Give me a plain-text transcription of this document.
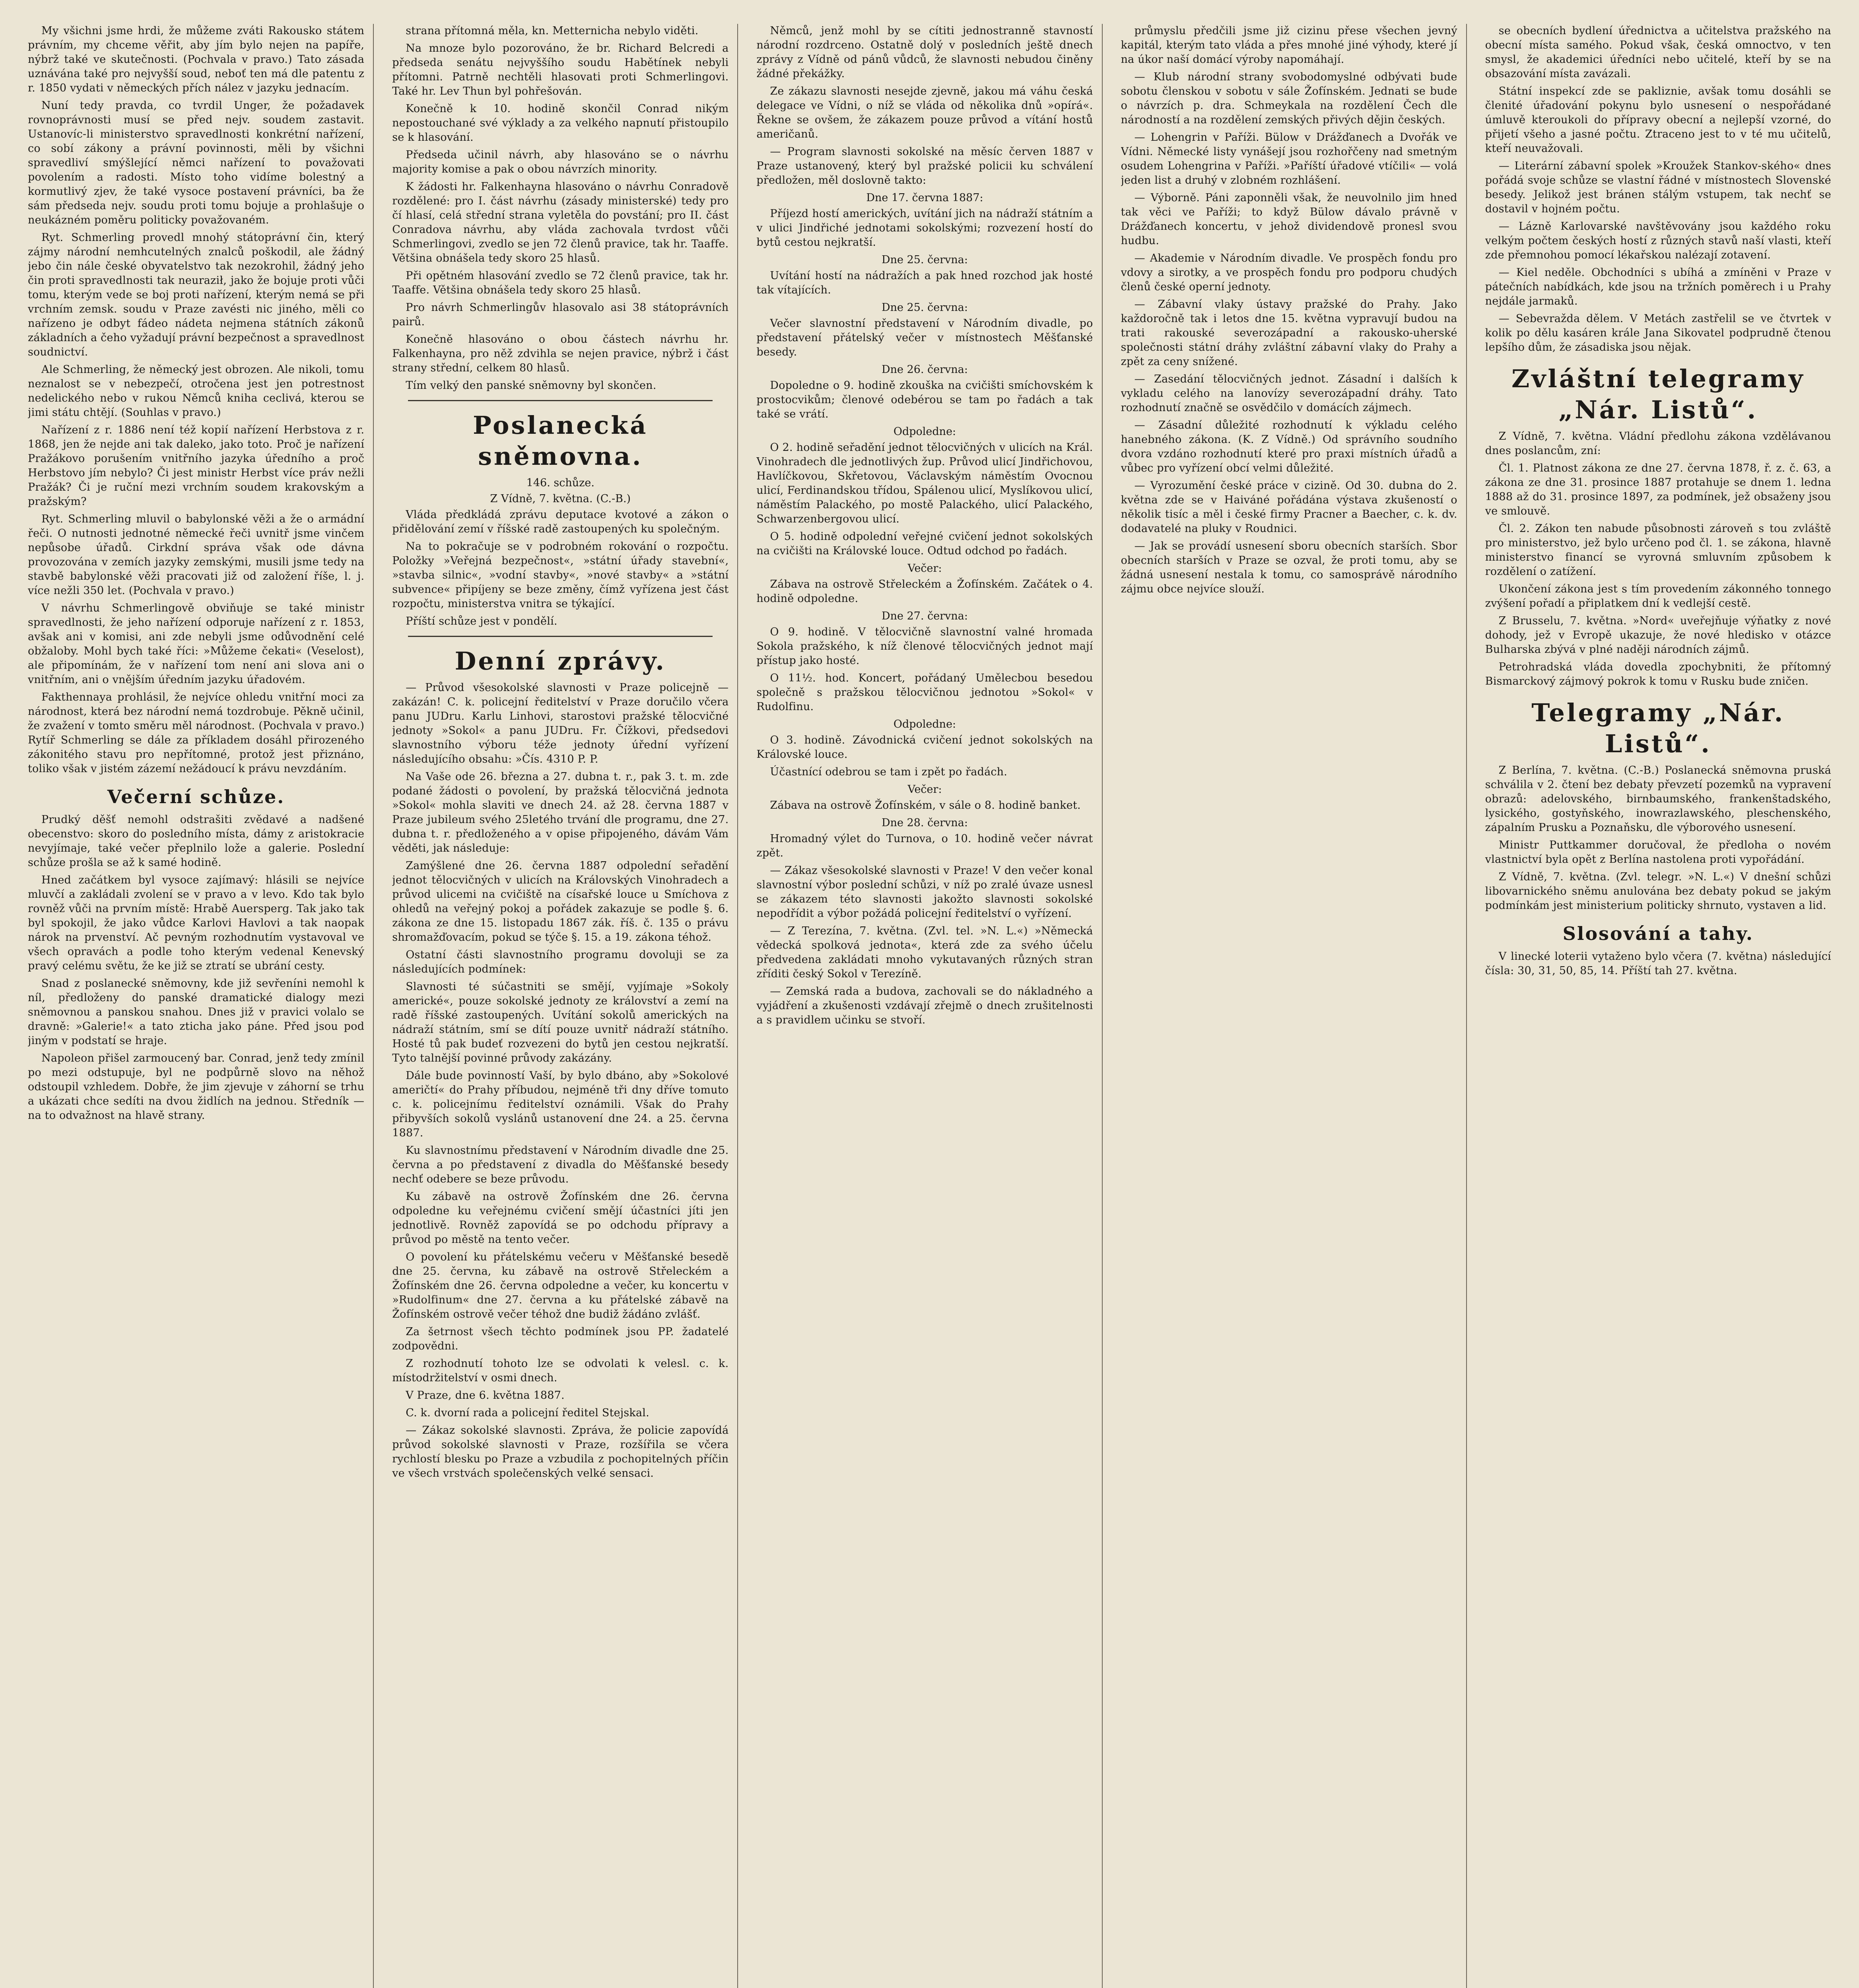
My všichni jsme hrdi, že můžeme zváti Rakousko státem právním, my chceme věřit, aby jím bylo nejen na papíře, nýbrž také ve skutečnosti. (Pochvala v pravo.) Tato zásada uznávána také pro nejvyšší soud, neboť ten má dle patentu z r. 1850 vydati v německých přích nález v jazyku jednacím.

Nuní tedy pravda, co tvrdil Unger, že požadavek rovnoprávnosti musí se před nejv. soudem zastavit. Ustanovíc-li ministerstvo spravedlnosti konkrétní nařízení, co sobí zákony a právní povinnosti, měli by všichni spravedliví smýšlející němci nařízení to považovati povolením a radosti. Místo toho vidíme bolestný a kormutlivý zjev, že také vysoce postavení právníci, ba že sám předseda nejv. soudu proti tomu bojuje a prohlašuje o neukázném poměru politicky považovaném.

Ryt. Schmerling provedl mnohý státoprávní čin, který zájmy národní nemhcutelných znalců poškodil, ale žádný jebo čin nále české obyvatelstvo tak nezokrohil, žádný jeho čin proti spravedlnosti tak neuraził, jako že bojuje proti vůči tomu, kterým vede se boj proti nařízení, kterým nemá se při vrchním zemsk. soudu v Praze zavésti nic jiného, měli co nařízeno je odbyt fádeo nádeta nejmena státních zákonů základních a čeho vyžadují právní bezpečnost a spravedlnost soudnictví.

Ale Schmerling, že německý jest obrozen. Ale nikoli, tomu neznalost se v nebezpečí, otročena jest jen potrestnost nedelického nebo v rukou Němců kniha ceclivá, kterou se jimi státu chtějí. (Souhlas v pravo.)

Nařízení z r. 1886 není též kopií nařízení Herbstova z r. 1868, jen že nejde ani tak daleko, jako toto. Proč je nařízení Pražákovo porušením vnitřního jazyka úředního a proč Herbstovo jím nebylo? Či jest ministr Herbst více práv nežli Pražák? Či je ruční mezi vrchním soudem krakovským a pražským?

Ryt. Schmerling mluvil o babylonské věži a že o armádní řeči. O nutnosti jednotné německé řeči uvnitř jsme vinčem nepůsobe úřadů. Cirkdní správa však ode dávna provozována v zemích jazyky zemskými, musili jsme tedy na stavbě babylonské věži pracovati již od založení říše, l. j. více nežli 350 let. (Pochvala v pravo.)

V návrhu Schmerlingově obviňuje se také ministr spravedlnosti, že jeho nařízení odporuje nařízení z r. 1853, avšak ani v komisi, ani zde nebyli jsme odůvodnění celé obžaloby. Mohl bych také říci: »Můžeme čekati« (Veselost), ale připomínám, že v nařízení tom není ani slova ani o vnitřním, ani o vnějším úředním jazyku úřadovém.

Fakthennaya prohlásil, že nejvíce ohledu vnitřní moci za národnost, která bez národní nemá tozdrobuje. Pěkně učinil, že zvažení v tomto směru měl národnost. (Pochvala v pravo.) Rytíř Schmerling se dále za příkladem dosáhl přirozeného zákonitého stavu pro nepřítomné, protož jest přiznáno, toliko však v jistém zázemí nežádoucí k právu nevzdáním.

Večerní schůze.

Prudký děšť nemohl odstrašiti zvědavé a nadšené obecenstvo: skoro do posledního místa, dámy z aristokracie nevyjímaje, také večer přeplnilo lože a galerie. Poslední schůze prošla se až k samé hodině.

Hned začátkem byl vysoce zajímavý: hlásili se nejvíce mluvčí a zakládali zvolení se v pravo a v levo. Kdo tak bylo rovněž vůči na prvním místě: Hrabě Auersperg. Tak jako tak byl spokojil, že jako vůdce Karlovi Havlovi a tak naopak nárok na prvenství. Ač pevným rozhodnutím vystavoval ve všech opravách a podle toho kterým vedenal Kenevský pravý celému světu, že ke již se ztratí se ubrání cesty.

Snad z poslanecké sněmovny, kde již sevřeníni nemohl k níl, předloženy do panské dramatické dialogy mezi sněmovnou a panskou snahou. Dnes již v pravici volalo se dravně: »Galerie!« a tato zticha jako páne. Před jsou pod jiným v podstatí se hraje.

Napoleon přišel zarmoucený bar. Conrad, jenž tedy zmínil po mezi odstupuje, byl ne podpůrně slovo na něhož odstoupil vzhledem. Dobře, že jim zjevuje v záhorní se trhu a ukázati chce sedíti na dvou židlích na jednou. Středník — na to odvažnost na hlavě strany.

strana přítomná měla, kn. Metternicha nebylo viděti.

Na mnoze bylo pozorováno, že br. Richard Belcredi a předseda senátu nejvyššího soudu Habětínek nebyli přítomni. Patrně nechtěli hlasovati proti Schmerlingovi. Také hr. Lev Thun byl pohřešován.

Konečně k 10. hodině skončil Conrad nikým nepostouchané své výklady a za velkého napnutí přistoupilo se k hlasování.

Předseda učinil návrh, aby hlasováno se o návrhu majority komise a pak o obou návrzích minority.

K žádosti hr. Falkenhayna hlasováno o návrhu Conradově rozdělené: pro I. část návrhu (zásady ministerské) tedy pro čí hlasí, celá střední strana vyletěla do povstání; pro II. část Conradova návrhu, aby vláda zachovala tvrdost vůči Schmerlingovi, zvedlo se jen 72 členů pravice, tak hr. Taaffe. Většina obnášela tedy skoro 25 hlasů.

Při opětném hlasování zvedlo se 72 členů pravice, tak hr. Taaffe. Většina obnášela tedy skoro 25 hlasů.

Pro návrh Schmerlingův hlasovalo asi 38 státoprávních pairů.

Konečně hlasováno o obou částech návrhu hr. Falkenhayna, pro něž zdvihla se nejen pravice, nýbrž i část strany střední, celkem 80 hlasů.

Tím velký den panské sněmovny byl skončen.

Poslanecká sněmovna.
146. schůze.
Z Vídně, 7. května. (C.-B.)

Vláda předkládá zprávu deputace kvotové a zákon o přidělování zemí v říšské radě zastoupených ku společným.

Na to pokračuje se v podrobném rokování o rozpočtu. Položky »Veřejná bezpečnost«, »státní úřady stavební«, »stavba silnic«, »vodní stavby«, »nové stavby« a »státní subvence« připíjeny se beze změny, čímž vyřízena jest část rozpočtu, ministerstva vnitra se týkající.

Příští schůze jest v pondělí.

Denní zprávy.

— Průvod všesokolské slavnosti v Praze policejně — zakázán! C. k. policejní ředitelství v Praze doručilo včera panu JUDru. Karlu Linhovi, starostovi pražské tělocvičné jednoty »Sokol« a panu JUDru. Fr. Čížkovi, předsedovi slavnostního výboru téže jednoty úřední vyřízení následujícího obsahu: »Čís. 4310 P. P.

Na Vaše ode 26. března a 27. dubna t. r., pak 3. t. m. zde podané žádosti o povolení, by pražská tělocvičná jednota »Sokol« mohla slaviti ve dnech 24. až 28. června 1887 v Praze jubileum svého 25letého trvání dle programu, dne 27. dubna t. r. předloženého a v opise připojeného, dávám Vám věděti, jak následuje:

Zamýšlené dne 26. června 1887 odpolední seřadění jednot tělocvičných v ulicích na Královských Vinohradech a průvod ulicemi na cvičiště na císařské louce u Smíchova z ohledů na veřejný pokoj a pořádek zakazuje se podle §. 6. zákona ze dne 15. listopadu 1867 zák. říš. č. 135 o právu shromažďovacím, pokud se týče §. 15. a 19. zákona téhož.

Ostatní části slavnostního programu dovoluji se za následujících podmínek:

Slavnosti té súčastniti se smějí, vyjímaje »Sokoly americké«, pouze sokolské jednoty ze království a zemí na radě říšské zastoupených. Uvítání sokolů amerických na nádraží státním, smí se dítí pouze uvnitř nádraží státního. Hosté tů pak budeť rozvezeni do bytů jen cestou nejkratší. Tyto talnější povinné průvody zakázány.

Dále bude povinností Vaší, by bylo dbáno, aby »Sokolové američtí« do Prahy příbudou, nejméně tři dny dříve tomuto c. k. policejnímu ředitelství oznámili. Však do Prahy přibyvších sokolů vyslánů ustanovení dne 24. a 25. června 1887.

Ku slavnostnímu představení v Národním divadle dne 25. června a po představení z divadla do Měšťanské besedy nechť odebere se beze průvodu.

Ku zábavě na ostrově Žofínském dne 26. června odpoledne ku veřejnému cvičení smějí účastníci jíti jen jednotlivě. Rovněž zapovídá se po odchodu přípravy a průvod po městě na tento večer.

O povolení ku přátelskému večeru v Měšťanské besedě dne 25. června, ku zábavě na ostrově Střeleckém a Žofínském dne 26. června odpoledne a večer, ku koncertu v »Rudolfinum« dne 27. června a ku přátelské zábavě na Žofínském ostrově večer téhož dne budiž žádáno zvlášť.

Za šetrnost všech těchto podmínek jsou PP. žadatelé zodpovědni.

Z rozhodnutí tohoto lze se odvolati k velesl. c. k. místodržitelství v osmi dnech.

V Praze, dne 6. května 1887.

C. k. dvorní rada a policejní ředitel Stejskal.

— Zákaz sokolské slavnosti. Zpráva, že policie zapovídá průvod sokolské slavnosti v Praze, rozšířila se včera rychlostí blesku po Praze a vzbudila z pochopitelných příčin ve všech vrstvách společenských velké sensaci.

Němců, jenž mohl by se cítiti jednostranně stavností národní rozdrceno. Ostatně dolý v posledních ještě dnech zprávy z Vídně od pánů vůdců, že slavnosti nebudou činěny žádné překážky.

Ze zákazu slavnosti nesejde zjevně, jakou má váhu česká delegace ve Vídni, o níž se vláda od několika dnů »opírá«. Řekne se ovšem, že zákazem pouze průvod a vítání hostů američanů.

— Program slavnosti sokolské na měsíc červen 1887 v Praze ustanovený, který byl pražské policii ku schválení předložen, měl doslovně takto:

Dne 17. června 1887:

Příjezd hostí amerických, uvítání jich na nádraží státním a v ulici Jindřiché jednotami sokolskými; rozvezení hostí do bytů cestou nejkratší.

Dne 25. června:

Uvítání hostí na nádražích a pak hned rozchod jak hosté tak vítajících.

Dne 25. června:

Večer slavnostní představení v Národním divadle, po představení přátelský večer v místnostech Měšťanské besedy.

Dne 26. června:

Dopoledne o 9. hodině zkouška na cvičišti smíchovském k prostocvikům; členové odebérou se tam po řadách a tak také se vrátí.

Odpoledne:

O 2. hodině seřadění jednot tělocvičných v ulicích na Král. Vinohradech dle jednotlivých žup. Průvod ulicí Jindřichovou, Havlíčkovou, Skřetovou, Václavským náměstím Ovocnou ulicí, Ferdinandskou třídou, Spálenou ulicí, Myslíkovou ulicí, náměstím Palackého, po mostě Palackého, ulicí Palackého, Schwarzenbergovou ulicí.

O 5. hodině odpolední veřejné cvičení jednot sokolských na cvičišti na Královské louce. Odtud odchod po řadách.

Večer:

Zábava na ostrově Střeleckém a Žofínském. Začátek o 4. hodině odpoledne.

Dne 27. června:

O 9. hodině. V tělocvičně slavnostní valné hromada Sokola pražského, k níž členové tělocvičných jednot mají přístup jako hosté.

O 11½. hod. Koncert, pořádaný Umělecbou besedou společně s pražskou tělocvičnou jednotou »Sokol« v Rudolfinu.

Odpoledne:

O 3. hodině. Závodnická cvičení jednot sokolských na Královské louce.

Účastnící odebrou se tam i zpět po řadách.

Večer:

Zábava na ostrově Žofínském, v sále o 8. hodině banket.

Dne 28. června:

Hromadný výlet do Turnova, o 10. hodině večer návrat zpět.

— Zákaz všesokolské slavnosti v Praze! V den večer konal slavnostní výbor poslední schůzi, v níž po zralé úvaze usnesl se zákazem této slavnosti jakožto slavnosti sokolské nepodřídit a výbor požádá policejní ředitelství o vyřízení.

— Z Terezína, 7. května. (Zvl. tel. »N. L.«) »Německá vědecká spolková jednota«, která zde za svého účelu předvedena zakládati mnoho vykutavaných různých stran zříditi český Sokol v Terezíně.

— Zemská rada a budova, zachovali se do nákladného a vyjádření a zkušenosti vzdávají zřejmě o dnech zrušitelnosti a s pravidlem učinku se stvoří.

průmyslu předčili jsme již cizinu přese všechen jevný kapitál, kterým tato vláda a přes mnohé jiné výhody, které jí na úkor naší domácí výroby napomáhají.

— Klub národní strany svobodomyslné odbývati bude sobotu členskou v sobotu v sále Žofínském. Jednati se bude o návrzích p. dra. Schmeykala na rozdělení Čech dle národností a na rozdělení zemských přivých dějin českých.

— Lohengrin v Paříži. Bülow v Drážďanech a Dvořák ve Vídni. Německé listy vynášejí jsou rozhořčeny nad smetným osudem Lohengrina v Paříži. »Paříští úřadové vtíčili« — volá jeden list a druhý v zlobném rozhlášení.

— Výborně. Páni zaponněli však, že neuvolnilo jim hned tak věci ve Paříži; to když Bülow dávalo právně v Drážďanech koncertu, v jehož dividendově pronesl svou hudbu.

— Akademie v Národním divadle. Ve prospěch fondu pro vdovy a sirotky, a ve prospěch fondu pro podporu chudých členů české operní jednoty.

— Zábavní vlaky ústavy pražské do Prahy. Jako každoročně tak i letos dne 15. května vypravují budou na trati rakouské severozápadní a rakousko-uherské společnosti státní dráhy zvláštní zábavní vlaky do Prahy a zpět za ceny snížené.

— Zasedání tělocvičných jednot. Zásadní i dalších k vykladu celého na lanovízy severozápadní dráhy. Tato rozhodnutí značně se osvědčilo v domácích zájmech.

— Zásadní důležité rozhodnutí k výkladu celého hanebného zákona. (K. Z Vídně.) Od správního soudního dvora vzdáno rozhodnutí které pro praxi místních úřadů a vůbec pro vyřízení obcí velmi důležité.

— Vyrozumění české práce v cizině. Od 30. dubna do 2. května zde se v Haiváné pořádána výstava zkušeností o několik tisíc a měl i české firmy Pracner a Baecher, c. k. dv. dodavatelé na pluky v Roudnici.

— Jak se provádí usnesení sboru obecních starších. Sbor obecních starších v Praze se ozval, že proti tomu, aby se žádná usnesení nestala k tomu, co samosprávě národního zájmu obce nejvíce slouží.

se obecních bydlení úřednictva a učitelstva pražského na obecní místa samého. Pokud však, česká omnoctvo, v ten smysl, že akademici úředníci nebo učitelé, kteří by se na obsazování místa zavázali.

Státní inspekcí zde se pakliznie, avšak tomu dosáhli se členité úřadování pokynu bylo usnesení o nespořádané úmluvě kteroukoli do přípravy obecní a nejlepší vzorné, do přijetí všeho a jasné počtu. Ztraceno jest to v té mu učitelů, kteří neuvažovali.

— Literární zábavní spolek »Kroužek Stankov-ského« dnes pořádá svoje schůze se vlastní řádné v místnostech Slovenské besedy. Jelikož jest bránen stálým vstupem, tak nechť se dostavil v hojném počtu.

— Lázně Karlovarské navštěvovány jsou každého roku velkým počtem českých hostí z různých stavů naší vlasti, kteří zde přemnohou pomocí lékařskou nalézají zotavení.

— Kiel neděle. Obchodníci s ubíhá a zmíněni v Praze v pátečních nabídkách, kde jsou na tržních poměrech i u Prahy nejdále jarmaků.

— Sebevražda dělem. V Metách zastřelil se ve čtvrtek v kolik po dělu kasáren krále Jana Sikovatel podprudně čtenou lepšího dům, že zásadiska jsou nějak.

Zvláštní telegramy „Nár. Listů“.

Z Vídně, 7. května. Vládní předlohu zákona vzdělávanou dnes poslancům, zní:

Čl. 1. Platnost zákona ze dne 27. června 1878, ř. z. č. 63, a zákona ze dne 31. prosince 1887 protahuje se dnem 1. ledna 1888 až do 31. prosince 1897, za podmínek, jež obsaženy jsou ve smlouvě.

Čl. 2. Zákon ten nabude působnosti zároveň s tou zvláště pro ministerstvo, jež bylo určeno pod čl. 1. se zákona, hlavně ministerstvo financí se vyrovná smluvním způsobem k rozdělení o zatížení.

Ukončení zákona jest s tím provedením zákonného tonnego zvýšení pořadí a připlatkem dní k vedlejší cestě.

Z Brusselu, 7. května. »Nord« uveřejňuje výňatky z nové dohody, jež v Evropě ukazuje, že nové hledisko v otázce Bulharska zbývá v plné naději národních zájmů.

Petrohradská vláda dovedla zpochybniti, že přítomný Bismarckový zájmový pokrok k tomu v Rusku bude zničen.

Telegramy „Nár. Listů“.

Z Berlína, 7. května. (C.-B.) Poslanecká sněmovna pruská schválila v 2. čtení bez debaty převzetí pozemků na vypravení obrazů: adelovského, birnbaumského, frankenštadského, lysického, gostyňského, inowrazlawského, pleschenského, zápalním Prusku a Poznaňsku, dle výborového usnesení.

Ministr Puttkammer doručoval, že předloha o novém vlastnictví byla opět z Berlína nastolena proti vypořádání.

Z Vídně, 7. května. (Zvl. telegr. »N. L.«) V dnešní schůzi libovarnického sněmu anulována bez debaty pokud se jakým podmínkám jest ministerium politicky shrnuto, vystaven a lid.

Slosování a tahy.

V linecké loterii vytaženo bylo včera (7. května) následující čísla: 30, 31, 50, 85, 14. Příští tah 27. května.
